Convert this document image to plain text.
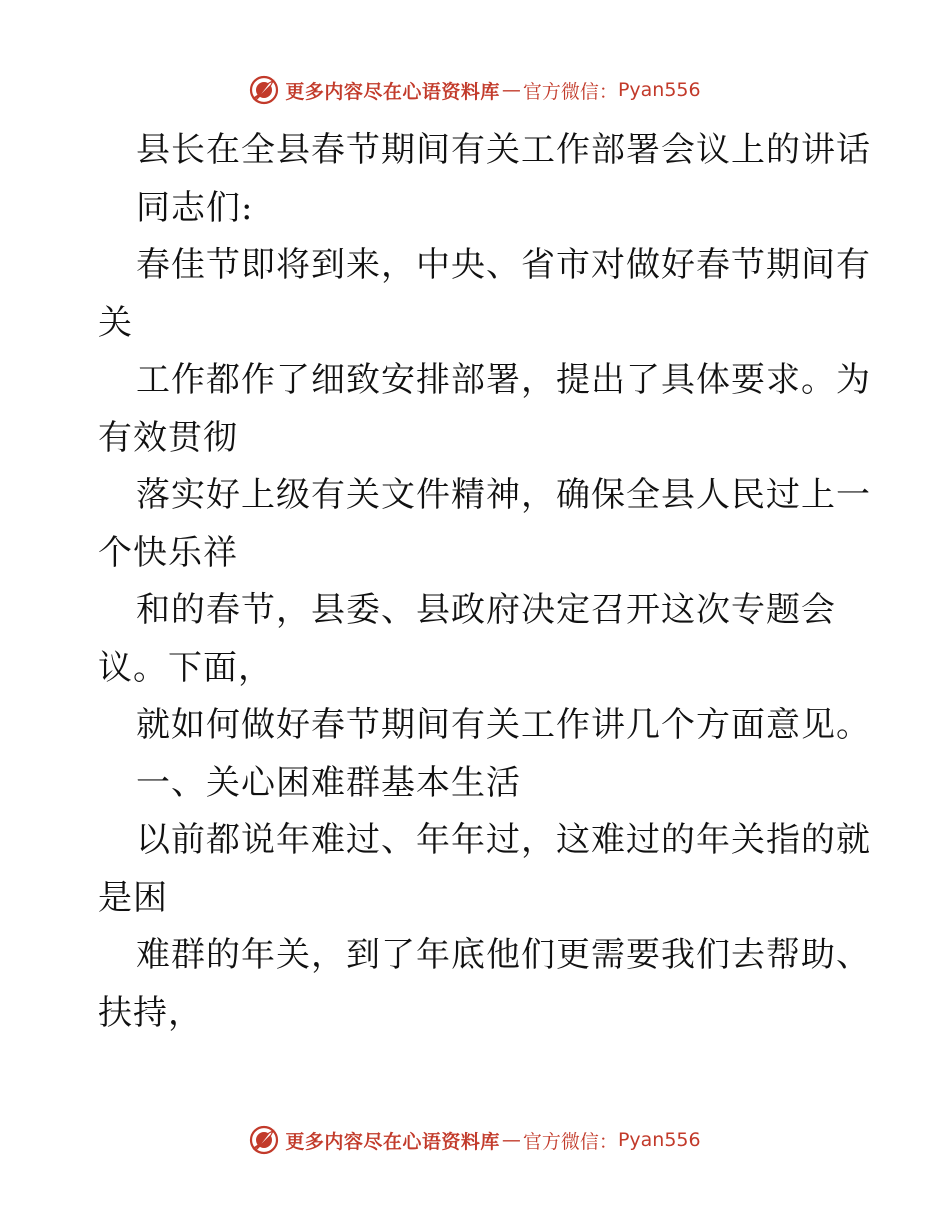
更多内容尽在心语资料库 — 官方微信： Pyan556
县长在全县春节期间有关工作部署会议上的讲话
同志们:
春佳节即将到来，中央、省市对做好春节期间有
关
工作都作了细致安排部署，提出了具体要求。为
有效贯彻
落实好上级有关文件精神，确保全县人民过上一
个快乐祥
和的春节，县委、县政府决定召开这次专题会
议。下面，
就如何做好春节期间有关工作讲几个方面意见。
一、关心困难群基本生活
以前都说年难过、年年过，这难过的年关指的就
是困
难群的年关，到了年底他们更需要我们去帮助、
扶持，
更多内容尽在心语资料库 — 官方微信： Pyan556
